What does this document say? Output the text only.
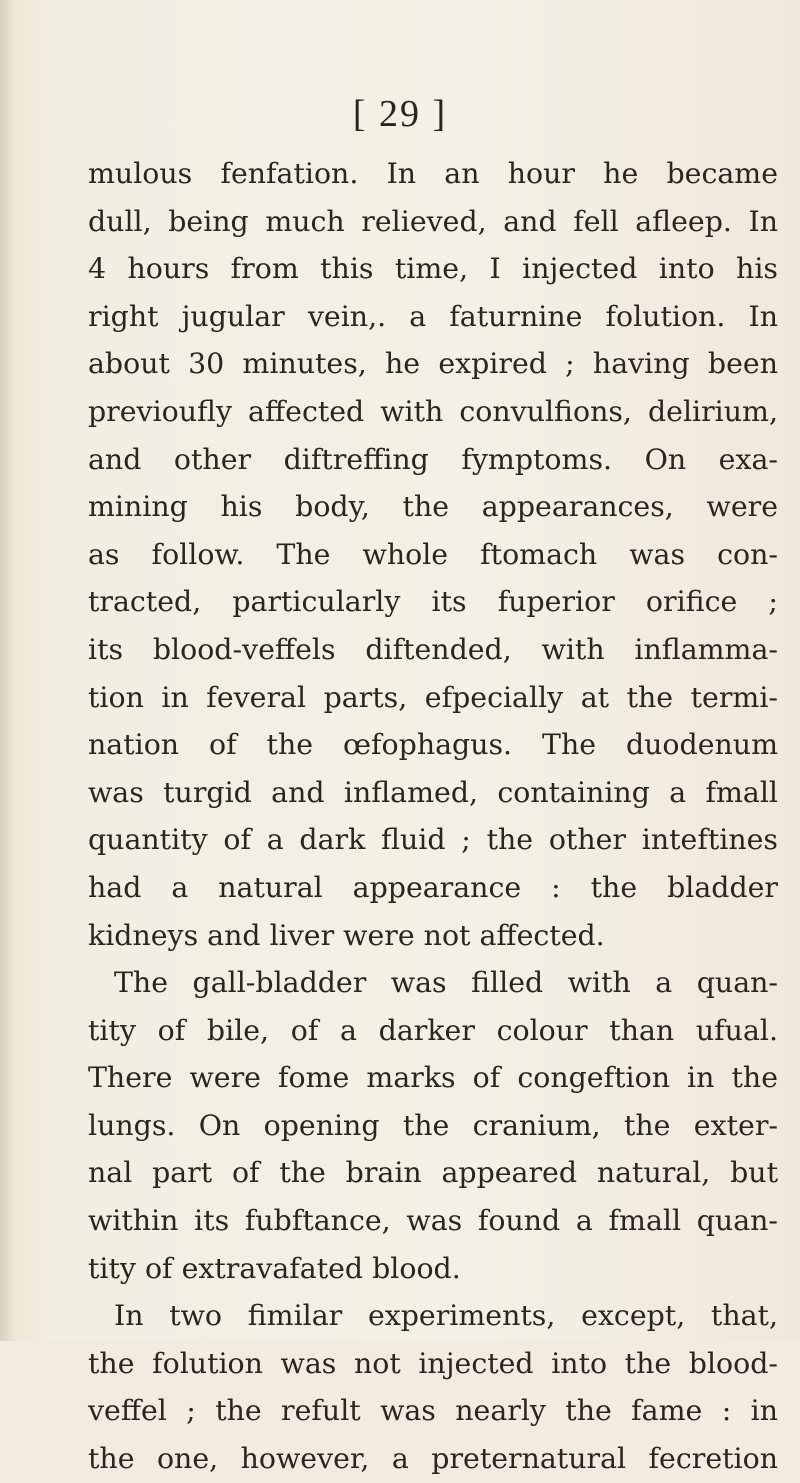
[ 29 ]
mulous fenfation. In an hour he became
dull, being much relieved, and fell afleep. In
4 hours from this time, I injected into his
right jugular vein,. a faturnine folution. In
about 30 minutes, he expired ; having been
previoufly affected with convulfions, delirium,
and other diftreffing fymptoms. On exa-
mining his body, the appearances, were
as follow. The whole ftomach was con-
tracted, particularly its fuperior orifice ;
its blood-veffels diftended, with inflamma-
tion in feveral parts, efpecially at the termi-
nation of the œfophagus. The duodenum
was turgid and inflamed, containing a fmall
quantity of a dark fluid ; the other inteftines
had a natural appearance : the bladder
kidneys and liver were not affected.
The gall-bladder was filled with a quan-
tity of bile, of a darker colour than ufual.
There were fome marks of congeftion in the
lungs. On opening the cranium, the exter-
nal part of the brain appeared natural, but
within its fubftance, was found a fmall quan-
tity of extravafated blood.
In two fimilar experiments, except, that,
the folution was not injected into the blood-
veffel ; the refult was nearly the fame : in
the one, however, a preternatural fecretion
